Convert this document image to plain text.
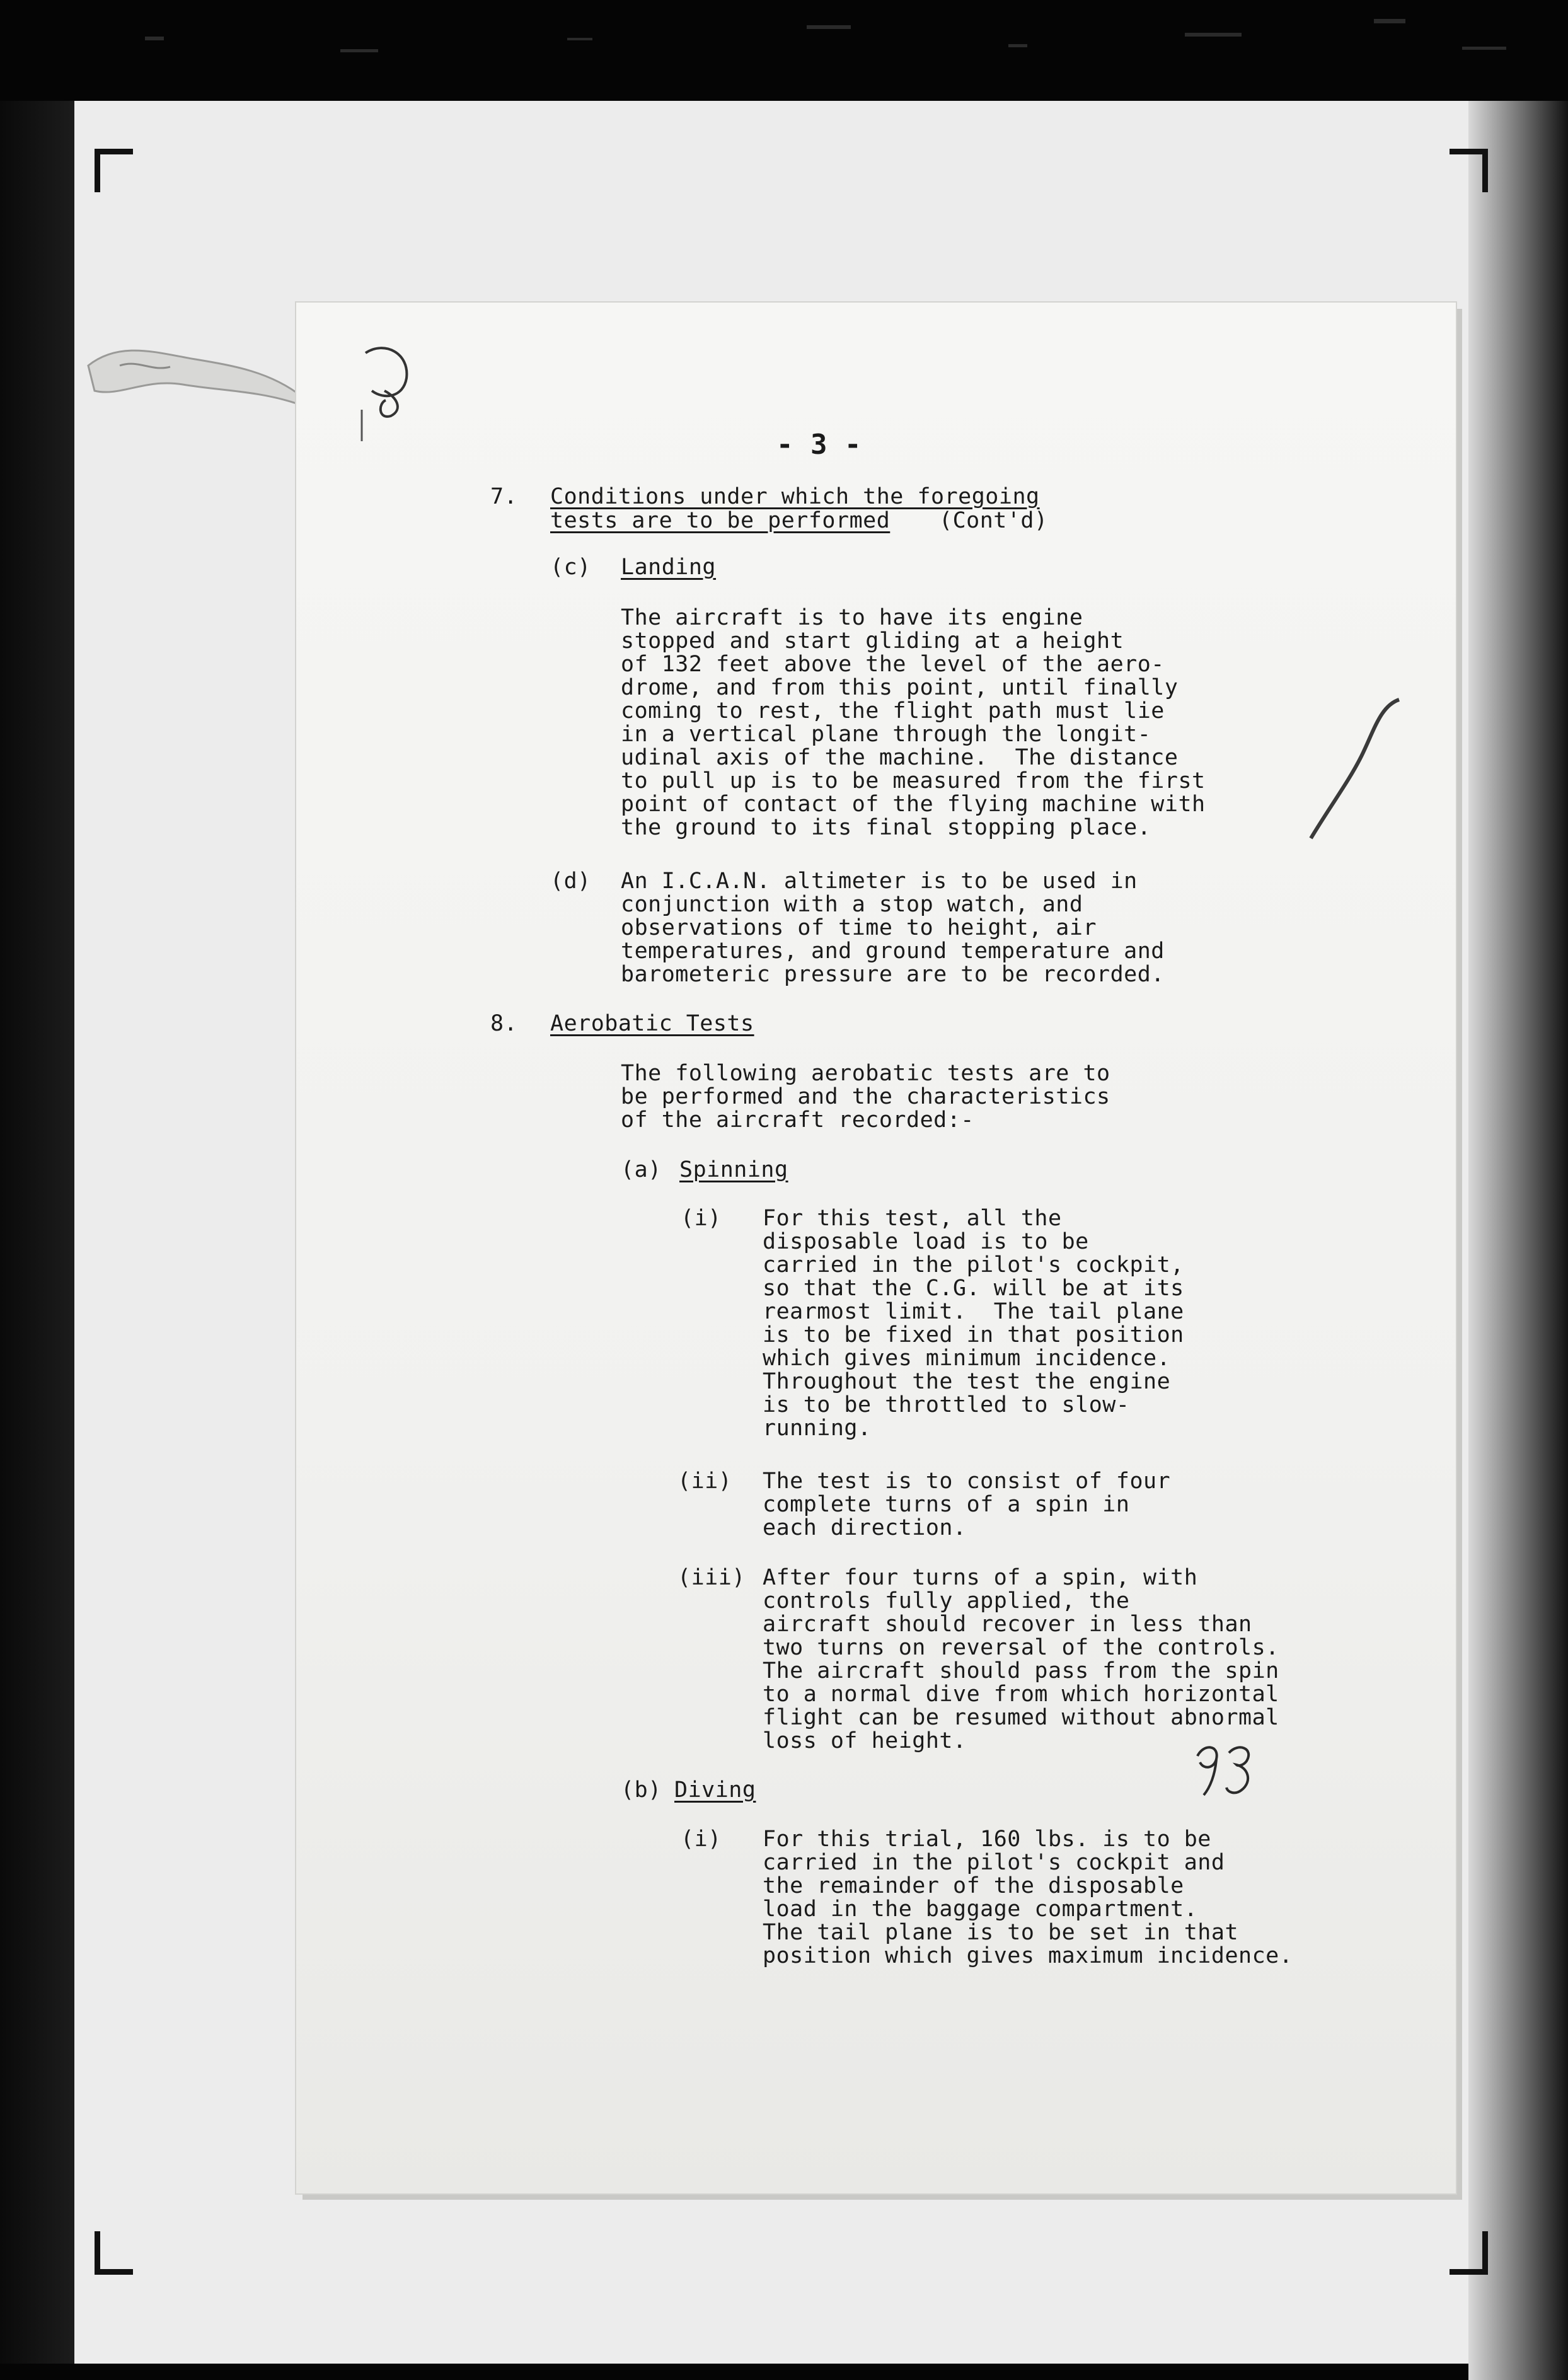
- 3 -
7. Conditions under which the foregoing
tests are to be performed (Cont'd)
(c) Landing
The aircraft is to have its engine
stopped and start gliding at a height
of 132 feet above the level of the aero-
drome, and from this point, until finally
coming to rest, the flight path must lie
in a vertical plane through the longit-
udinal axis of the machine.  The distance
to pull up is to be measured from the first
point of contact of the flying machine with
the ground to its final stopping place.
(d) An I.C.A.N. altimeter is to be used in
conjunction with a stop watch, and
observations of time to height, air
temperatures, and ground temperature and
barometeric pressure are to be recorded.
8. Aerobatic Tests
The following aerobatic tests are to
be performed and the characteristics
of the aircraft recorded:-
(a) Spinning
(i) For this test, all the
disposable load is to be
carried in the pilot's cockpit,
so that the C.G. will be at its
rearmost limit.  The tail plane
is to be fixed in that position
which gives minimum incidence.
Throughout the test the engine
is to be throttled to slow-
running.
(ii) The test is to consist of four
complete turns of a spin in
each direction.
(iii) After four turns of a spin, with
controls fully applied, the
aircraft should recover in less than
two turns on reversal of the controls.
The aircraft should pass from the spin
to a normal dive from which horizontal
flight can be resumed without abnormal
loss of height.
(b) Diving
(i) For this trial, 160 lbs. is to be
carried in the pilot's cockpit and
the remainder of the disposable
load in the baggage compartment.
The tail plane is to be set in that
position which gives maximum incidence.
